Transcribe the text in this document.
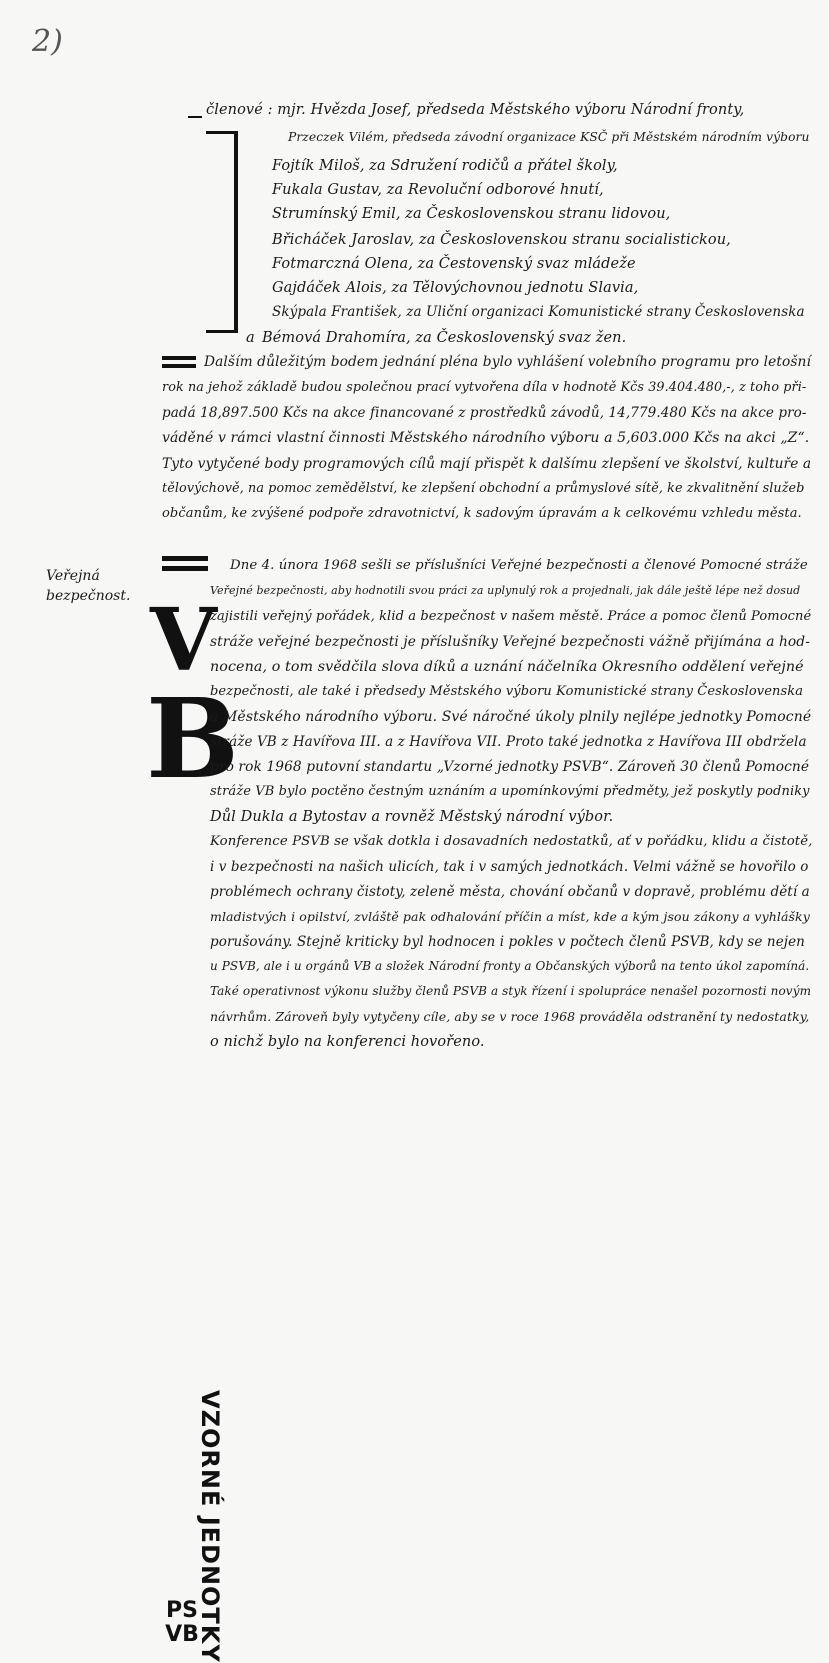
2)
členové : mjr. Hvězda Josef, předseda Městského výboru Národní fronty,
Przeczek Vilém, předseda závodní organizace KSČ při Městském národním výboru
Fojtík Miloš, za Sdružení rodičů a přátel školy,
Fukala Gustav, za Revoluční odborové hnutí,
Strumínský Emil, za Československou stranu lidovou,
Břicháček Jaroslav, za Československou stranu socialistickou,
Fotmarczná Olena, za Čestovenský svaz mládeže
Gajdáček Alois, za Tělovýchovnou jednotu Slavia,
Skýpala František, za Uliční organizaci Komunistické strany Československa
a Bémová Drahomíra, za Československý svaz žen.
Dalším důležitým bodem jednání pléna bylo vyhlášení volebního programu pro letošní
rok na jehož základě budou společnou prací vytvořena díla v hodnotě Kčs 39.404.480,-, z toho při-
padá 18,897.500 Kčs na akce financované z prostředků závodů, 14,779.480 Kčs na akce pro-
váděné v rámci vlastní činnosti Městského národního výboru a 5,603.000 Kčs na akci „Z“.
Tyto vytyčené body programových cílů mají přispět k dalšímu zlepšení ve školství, kultuře a
tělovýchově, na pomoc zemědělství, ke zlepšení obchodní a průmyslové sítě, ke zkvalitnění služeb
občanům, ke zvýšené podpoře zdravotnictví, k sadovým úpravám a k celkovému vzhledu města.
Veřejná
bezpečnost. V
B
VZORNÉ JEDNOTKY
PS
VB
Dne 4. února 1968 sešli se příslušníci Veřejné bezpečnosti a členové Pomocné stráže
Veřejné bezpečnosti, aby hodnotili svou práci za uplynulý rok a projednali, jak dále ještě lépe než dosud
zajistili veřejný pořádek, klid a bezpečnost v našem městě. Práce a pomoc členů Pomocné
stráže veřejné bezpečnosti je příslušníky Veřejné bezpečnosti vážně přijímána a hod-
nocena, o tom svědčila slova díků a uznání náčelníka Okresního oddělení veřejné
bezpečnosti, ale také i předsedy Městského výboru Komunistické strany Československa
a Městského národního výboru. Své náročné úkoly plnily nejlépe jednotky Pomocné
stráže VB z Havířova III. a z Havířova VII. Proto také jednotka z Havířova III obdržela
pro rok 1968 putovní standartu „Vzorné jednotky PSVB“. Zároveň 30 členů Pomocné
stráže VB bylo poctěno čestným uznáním a upomínkovými předměty, jež poskytly podniky
Důl Dukla a Bytostav a rovněž Městský národní výbor.
Konference PSVB se však dotkla i dosavadních nedostatků, ať v pořádku, klidu a čistotě,
i v bezpečnosti na našich ulicích, tak i v samých jednotkách. Velmi vážně se hovořilo o
problémech ochrany čistoty, zeleně města, chování občanů v dopravě, problému dětí a
mladistvých i opilství, zvláště pak odhalování příčin a míst, kde a kým jsou zákony a vyhlášky
porušovány. Stejně kriticky byl hodnocen i pokles v počtech členů PSVB, kdy se nejen
u PSVB, ale i u orgánů VB a složek Národní fronty a Občanských výborů na tento úkol zapomíná.
Také operativnost výkonu služby členů PSVB a styk řízení i spolupráce nenašel pozornosti novým
návrhům. Zároveň byly vytyčeny cíle, aby se v roce 1968 prováděla odstranění ty nedostatky,
o nichž bylo na konferenci hovořeno.
